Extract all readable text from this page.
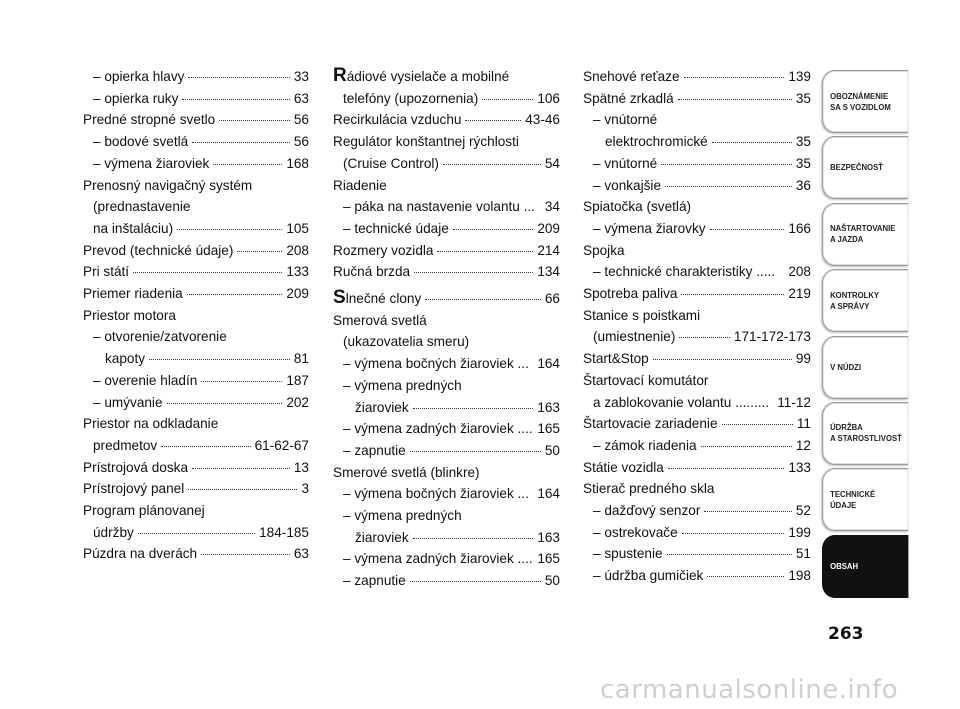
– opierka hlavy	33
– opierka ruky	63
Predné stropné svetlo	56
– bodové svetlá	56
– výmena žiaroviek	168
Prenosný navigačný systém
(prednastavenie
na inštaláciu)	105
Prevod (technické údaje)	208
Pri státí	133
Priemer riadenia	209
Priestor motora
– otvorenie/zatvorenie
kapoty	81
– overenie hladín	187
– umývanie	202
Priestor na odkladanie
predmetov	61-62-67
Prístrojová doska	13
Prístrojový panel	3
Program plánovanej
údržby	184-185
Púzdra na dverách	63
R ádiové vysielače a mobilné
telefóny (upozornenia)	106
Recirkulácia vzduchu	43-46
Regulátor konštantnej rýchlosti
(Cruise Control)	54
Riadenie
– páka na nastavenie volantu ... 34
– technické údaje	209
Rozmery vozidla	214
Ručná brzda	134
S lnečné clony	66
Smerová svetlá
(ukazovatelia smeru)
– výmena bočných žiaroviek ... 164
– výmena predných
žiaroviek	163
– výmena zadných žiaroviek .... 165
– zapnutie	50
Smerové svetlá (blinkre)
– výmena bočných žiaroviek ... 164
– výmena predných
žiaroviek	163
– výmena zadných žiaroviek .... 165
– zapnutie	50
Snehové reťaze	139
Spätné zrkadlá	35
– vnútorné
elektrochromické	35
– vnútorné	35
– vonkajšie	36
Spiatočka (svetlá)
– výmena žiarovky	166
Spojka
– technické charakteristiky ..... 208
Spotreba paliva	219
Stanice s poistkami
(umiestnenie)	171-172-173
Start&Stop	99
Štartovací komutátor
a zablokovanie volantu ......... 11-12
Štartovacie zariadenie	11
– zámok riadenia	12
Státie vozidla	133
Stierač predného skla
– dažďový senzor	52
– ostrekovače	199
– spustenie	51
– údržba gumičiek	198
OBOZNÁMENIE
SA S VOZIDLOM
BEZPEČNOSŤ
NAŠTARTOVANIE
A JAZDA
KONTROLKY
A SPRÁVY
V NÚDZI
ÚDRŽBA
A STAROSTLIVOSŤ
TECHNICKÉ
ÚDAJE
OBSAH
263
carmanualsonline.info
